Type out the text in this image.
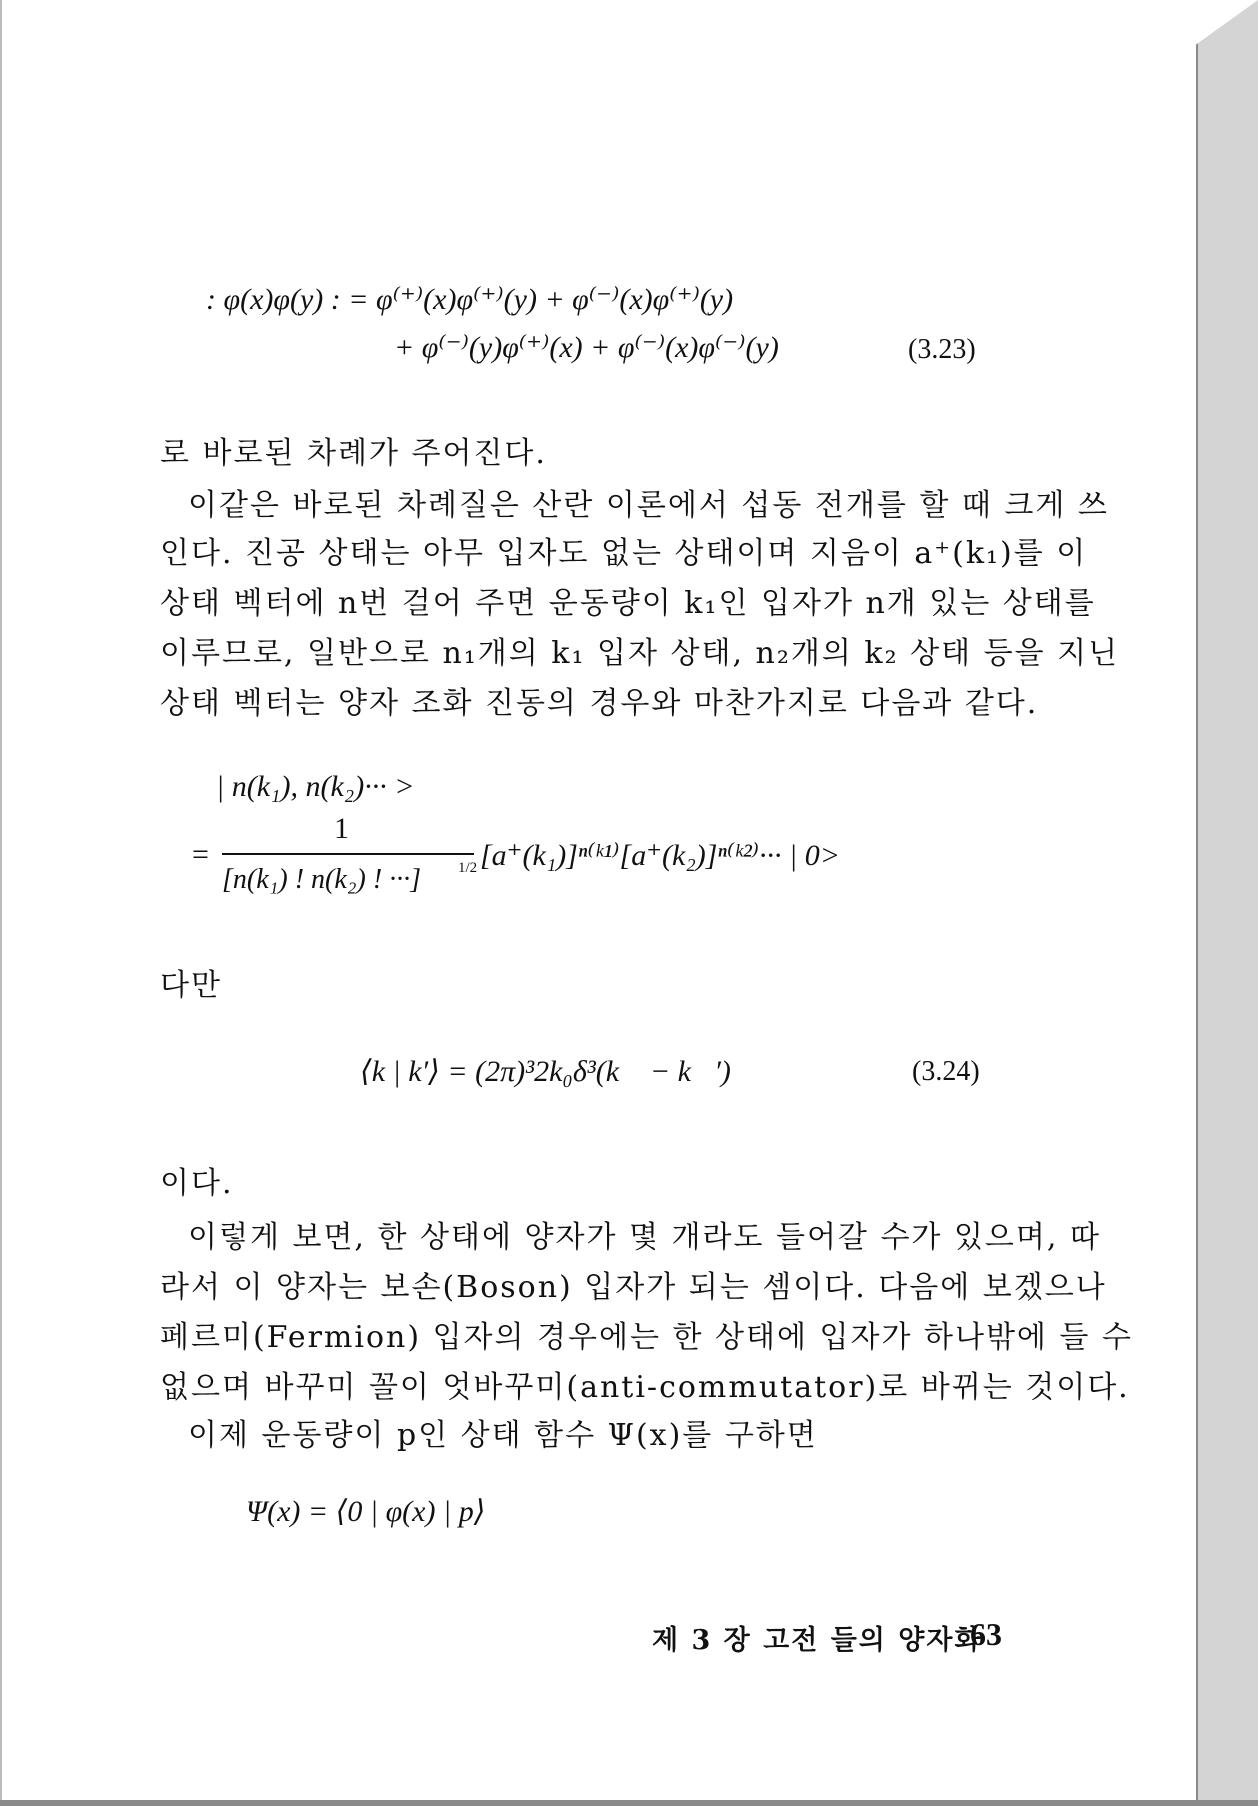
: φ(x)φ(y) : = φ⁽⁺⁾(x)φ⁽⁺⁾(y) + φ⁽⁻⁾(x)φ⁽⁺⁾(y)
+ φ⁽⁻⁾(y)φ⁽⁺⁾(x) + φ⁽⁻⁾(x)φ⁽⁻⁾(y)	(3.23)
로 바로된 차례가 주어진다.
이같은 바로된 차례질은 산란 이론에서 섭동 전개를 할 때 크게 쓰
인다. 진공 상태는 아무 입자도 없는 상태이며 지음이 a⁺(k₁)를 이
상태 벡터에 n번 걸어 주면 운동량이 k₁인 입자가 n개 있는 상태를
이루므로, 일반으로 n₁개의 k₁ 입자 상태, n₂개의 k₂ 상태 등을 지닌
상태 벡터는 양자 조화 진동의 경우와 마찬가지로 다음과 같다.
| n(k₁), n(k₂)··· >
=
1
[n(k₁) ! n(k₂) ! ···] 1/2 [a⁺(k₁)]ⁿ⁽ᵏ¹⁾[a⁺(k₂)]ⁿ⁽ᵏ²⁾··· | 0>
다만
⟨k | k′⟩ = (2π)³2k₀δ³(k⃗ − k⃗′)	(3.24)
이다.
이렇게 보면, 한 상태에 양자가 몇 개라도 들어갈 수가 있으며, 따
라서 이 양자는 보손(Boson) 입자가 되는 셈이다. 다음에 보겠으나
페르미(Fermion) 입자의 경우에는 한 상태에 입자가 하나밖에 들 수
없으며 바꾸미 꼴이 엇바꾸미(anti-commutator)로 바뀌는 것이다.
이제 운동량이 p인 상태 함수 Ψ(x)를 구하면
Ψ(x) = ⟨0 | φ(x) | p⟩
제 3 장 고전 들의 양자화
63
